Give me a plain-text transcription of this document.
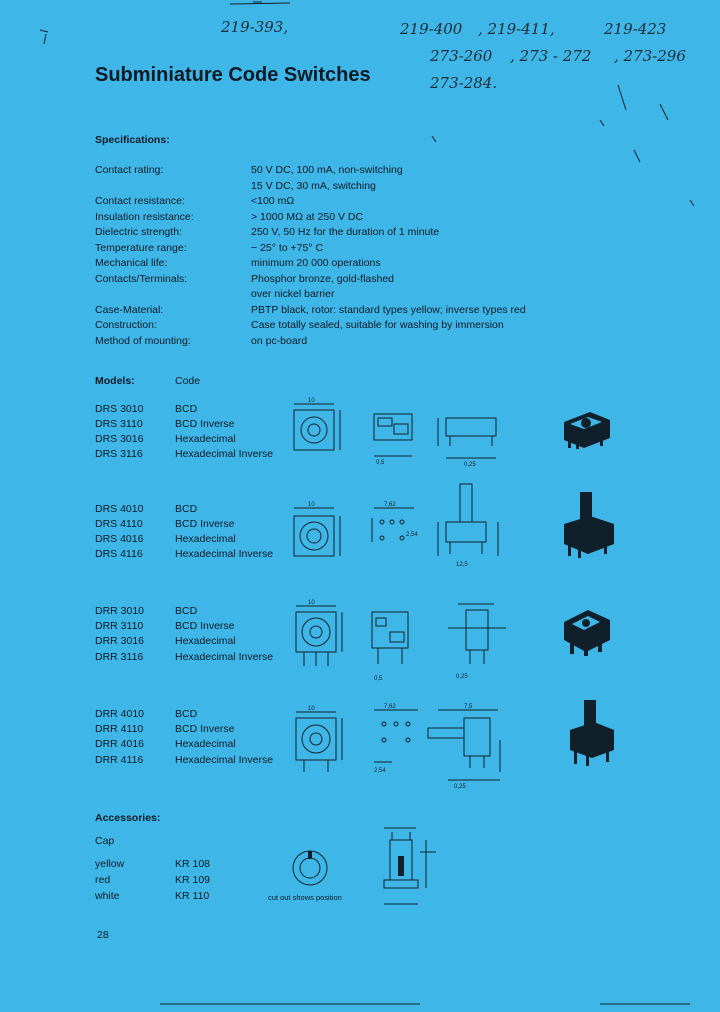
219-393,	219-400 , 219-411,	219-423
273-260 , 273 - 272 , 273-296
273-284.
Subminiature Code Switches
Specifications:
Contact rating:	50 V DC, 100 mA, non-switching
15 V DC, 30 mA, switching
Contact resistance:	<100 mΩ
Insulation resistance:	> 1000 MΩ at 250 V DC
Dielectric strength:	250 V, 50 Hz for the duration of 1 minute
Temperature range:	− 25° to +75° C
Mechanical life:	minimum 20 000 operations
Contacts/Terminals:	Phosphor bronze, gold-flashed
over nickel barrier
Case-Material:	PBTP black, rotor: standard types yellow; inverse types red
Construction:	Case totally sealed, suitable for washing by immersion
Method of mounting:	on pc-board
Models:	Code
DRS 3010	BCD
DRS 3110	BCD Inverse
DRS 3016	Hexadecimal
DRS 3116	Hexadecimal Inverse
DRS 4010	BCD
DRS 4110	BCD Inverse
DRS 4016	Hexadecimal
DRS 4116	Hexadecimal Inverse
DRR 3010	BCD
DRR 3110	BCD Inverse
DRR 3016	Hexadecimal
DRR 3116	Hexadecimal Inverse
DRR 4010	BCD
DRR 4110	BCD Inverse
DRR 4016	Hexadecimal
DRR 4116	Hexadecimal Inverse
10
0,5	0,25
10	7,62
2,54
12,5
10
0,5	0,25
10	7,62
2,54
7,5
0,25
Accessories:
Cap
yellow	KR 108
red	KR 109
white	KR 110	cut out shows position
28
